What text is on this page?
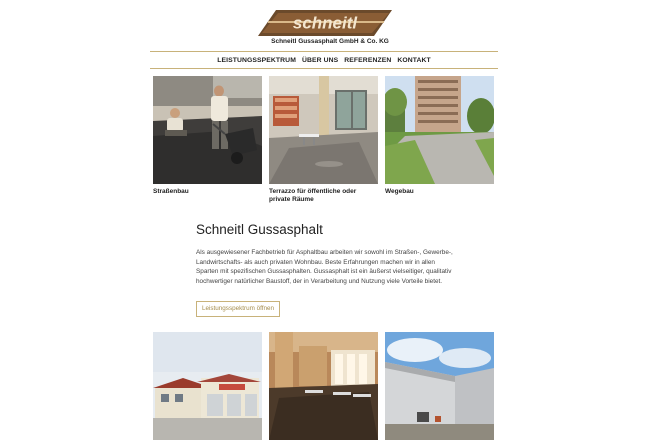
schneitl
Schneitl Gussasphalt GmbH & Co. KG
LEISTUNGSSPEKTRUM ÜBER UNS REFERENZEN KONTAKT
Straßenbau	Terrazzo für öffentliche oder private Räume
Wegebau
Schneitl Gussasphalt

Als ausgewiesener Fachbetrieb für Asphaltbau arbeiten wir sowohl im Straßen-, Gewerbe-, Landwirtschafts- als auch privaten Wohnbau. Beste Erfahrungen machen wir in allen Sparten mit spezifischen Gussasphalten. Gussasphalt ist ein äußerst vielseitiger, qualitativ hochwertiger natürlicher Baustoff, der in Verarbeitung und Nutzung viele Vorteile bietet.

Leistungsspektrum öffnen
